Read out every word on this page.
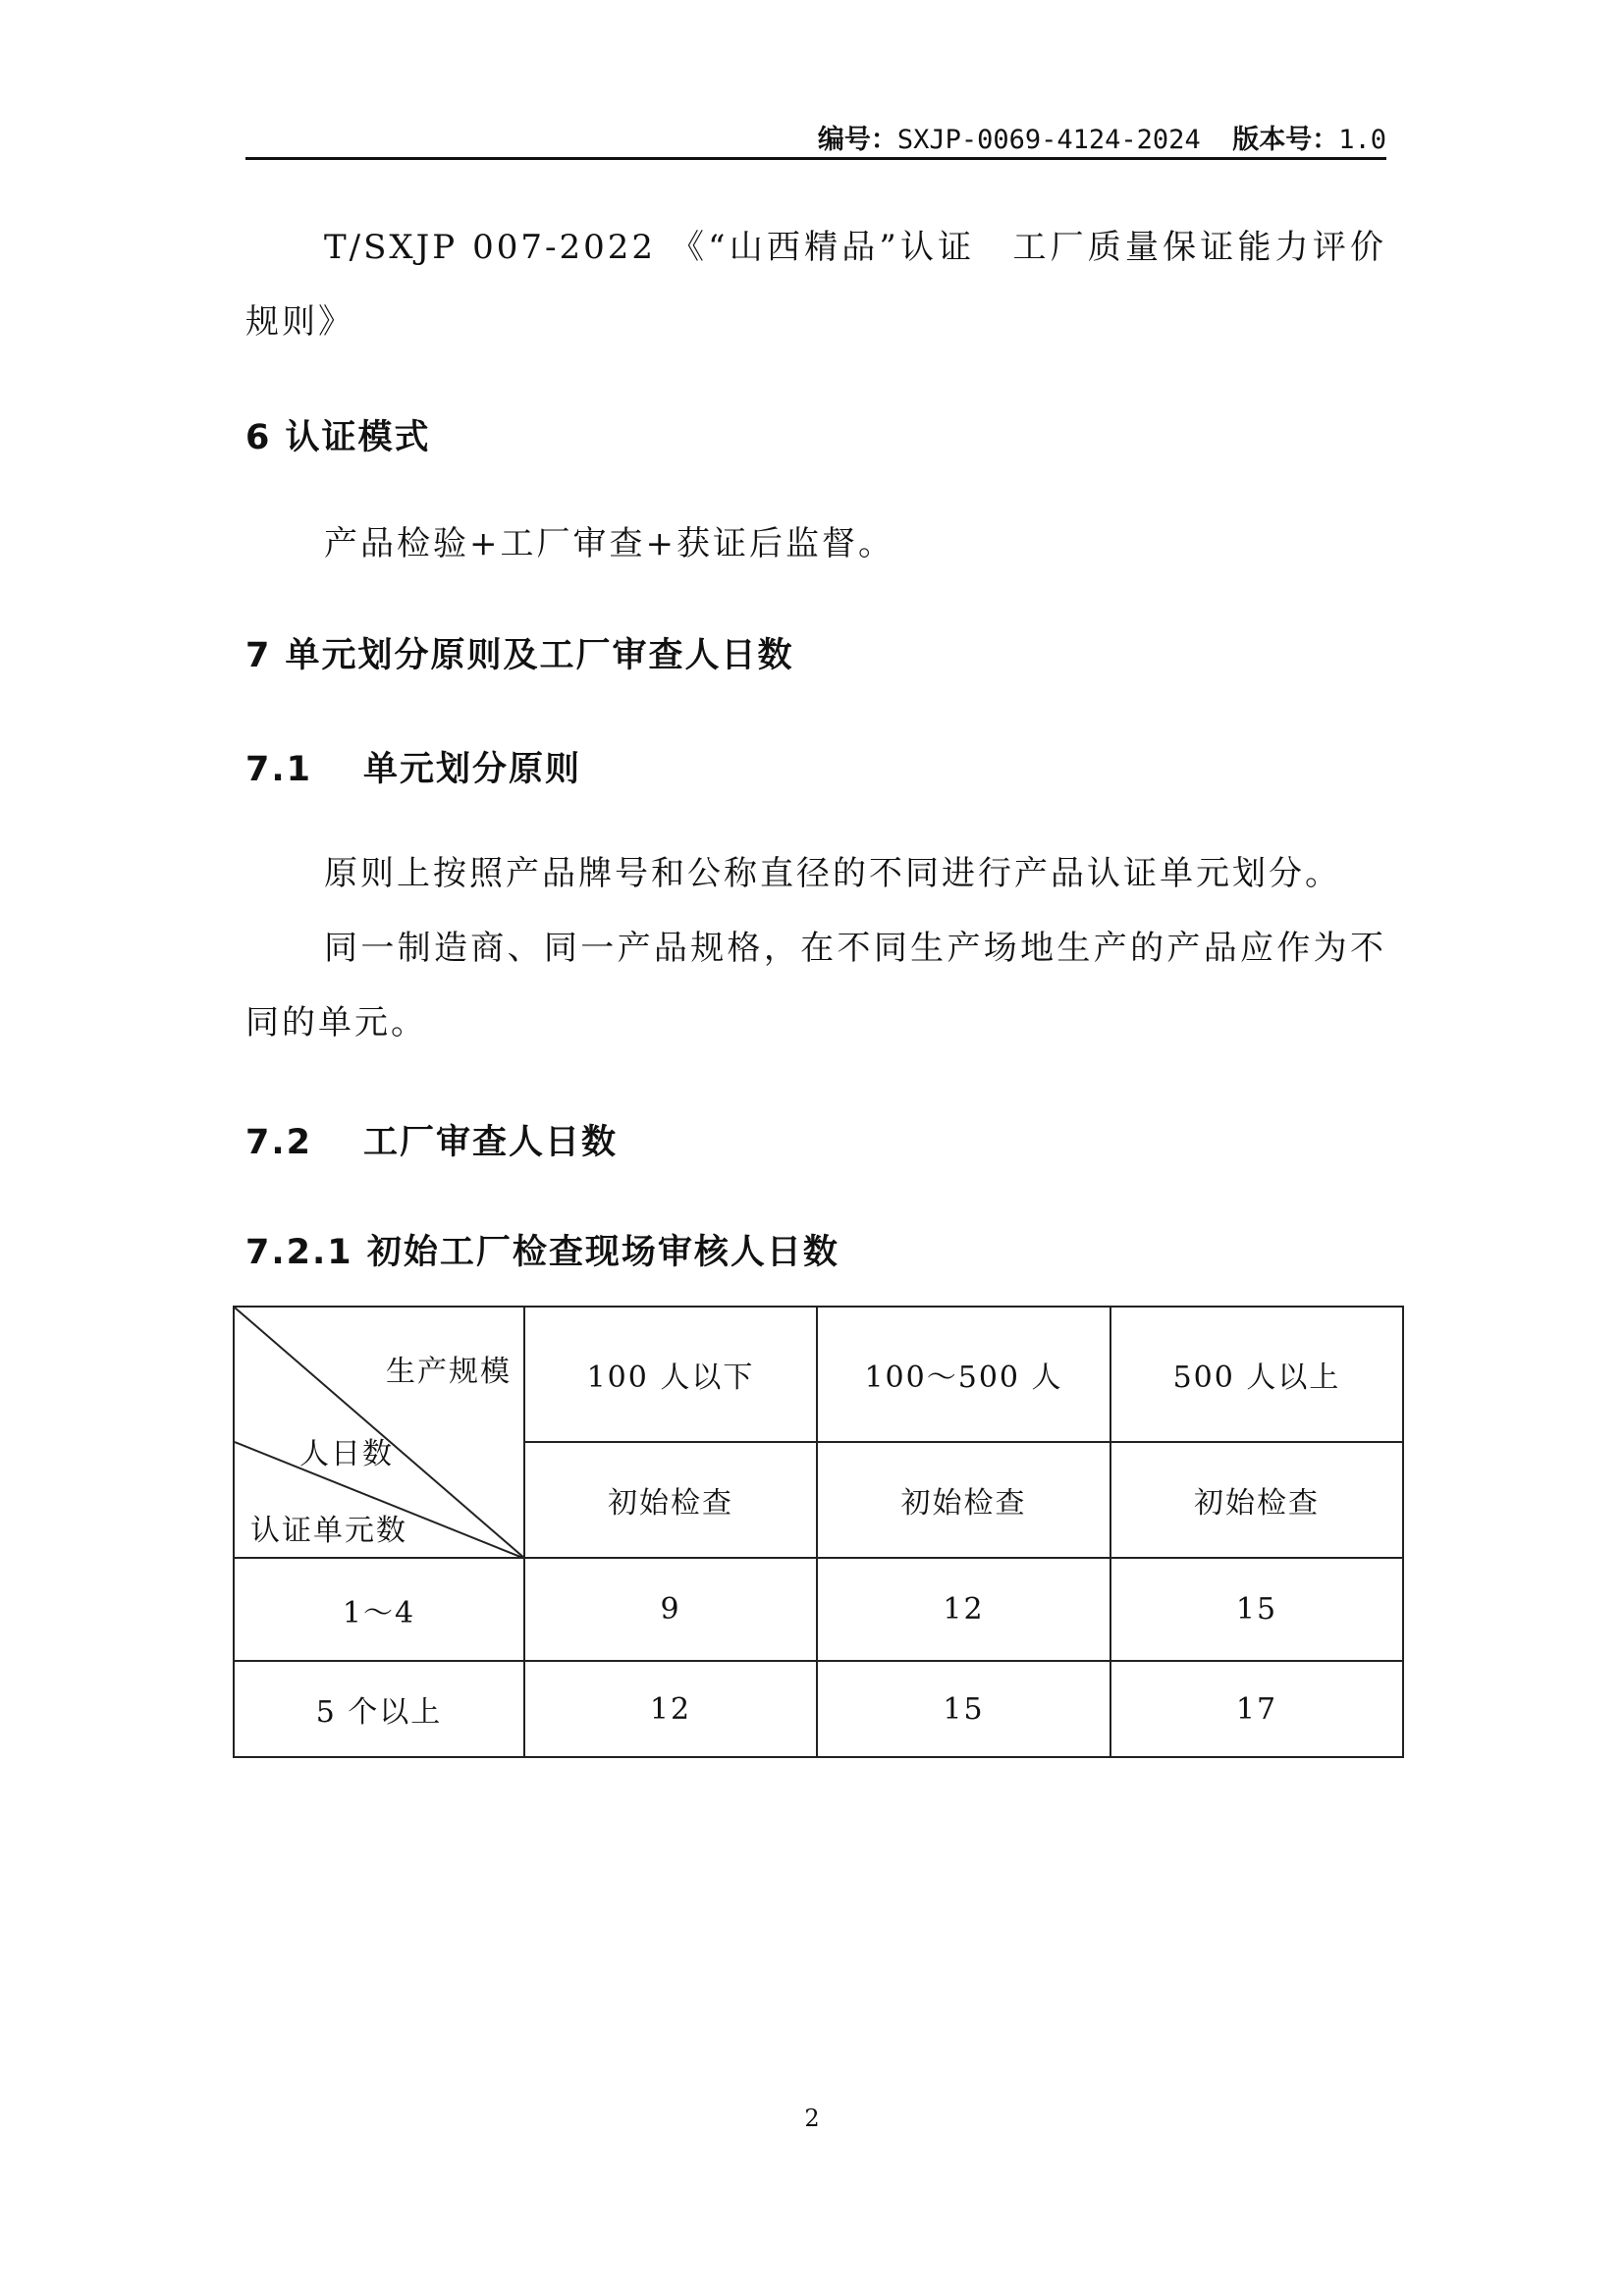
编号：SXJP-0069-4124-2024 版本号：1.0
T/SXJP 007-2022 《“山西精品”认证　工厂质量保证能力评价规则》
6 认证模式
产品检验+工厂审查+获证后监督。
7 单元划分原则及工厂审查人日数
7.1 单元划分原则
原则上按照产品牌号和公称直径的不同进行产品认证单元划分。
同一制造商、同一产品规格，在不同生产场地生产的产品应作为不同的单元。
7.2 工厂审查人日数
7.2.1 初始工厂检查现场审核人日数
生产规模
人日数
认证单元数	100 人以下	100～500 人	500 人以上
	初始检查	初始检查	初始检查
1～4	9	12	15
5 个以上	12	15	17
2
